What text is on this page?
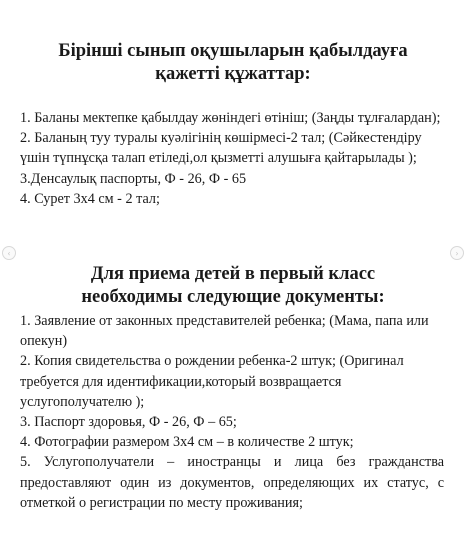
Бірінші сынып оқушыларын қабылдауға
қажетті құжаттар:

1. Баланы мектепке қабылдау жөніндегі өтініш; (Заңды тұлғалардан);

2. Баланың туу туралы куәлігінің көшірмесі-2 тал; (Сәйкестендіру үшін түпнұсқа талап етіледі,ол қызметті алушыға қайтарылады );

3.Денсаулық паспорты, Ф - 26, Ф - 65

4. Сурет 3х4 см - 2 тал;

‹	›
Для приема детей в первый класс
необходимы следующие документы:

1. Заявление от законных представителей ребенка; (Мама, папа или опекун)

2. Копия свидетельства о рождении ребенка-2 штук; (Оригинал требуется для идентификации,который возвращается услугополучателю );

3. Паспорт здоровья, Ф - 26, Ф – 65;

4. Фотографии размером 3х4 см – в количестве 2 штук;

5. Услугополучатели – иностранцы и лица без гражданства предоставляют один из документов, определяющих их статус, с отметкой о регистрации по месту проживания;
